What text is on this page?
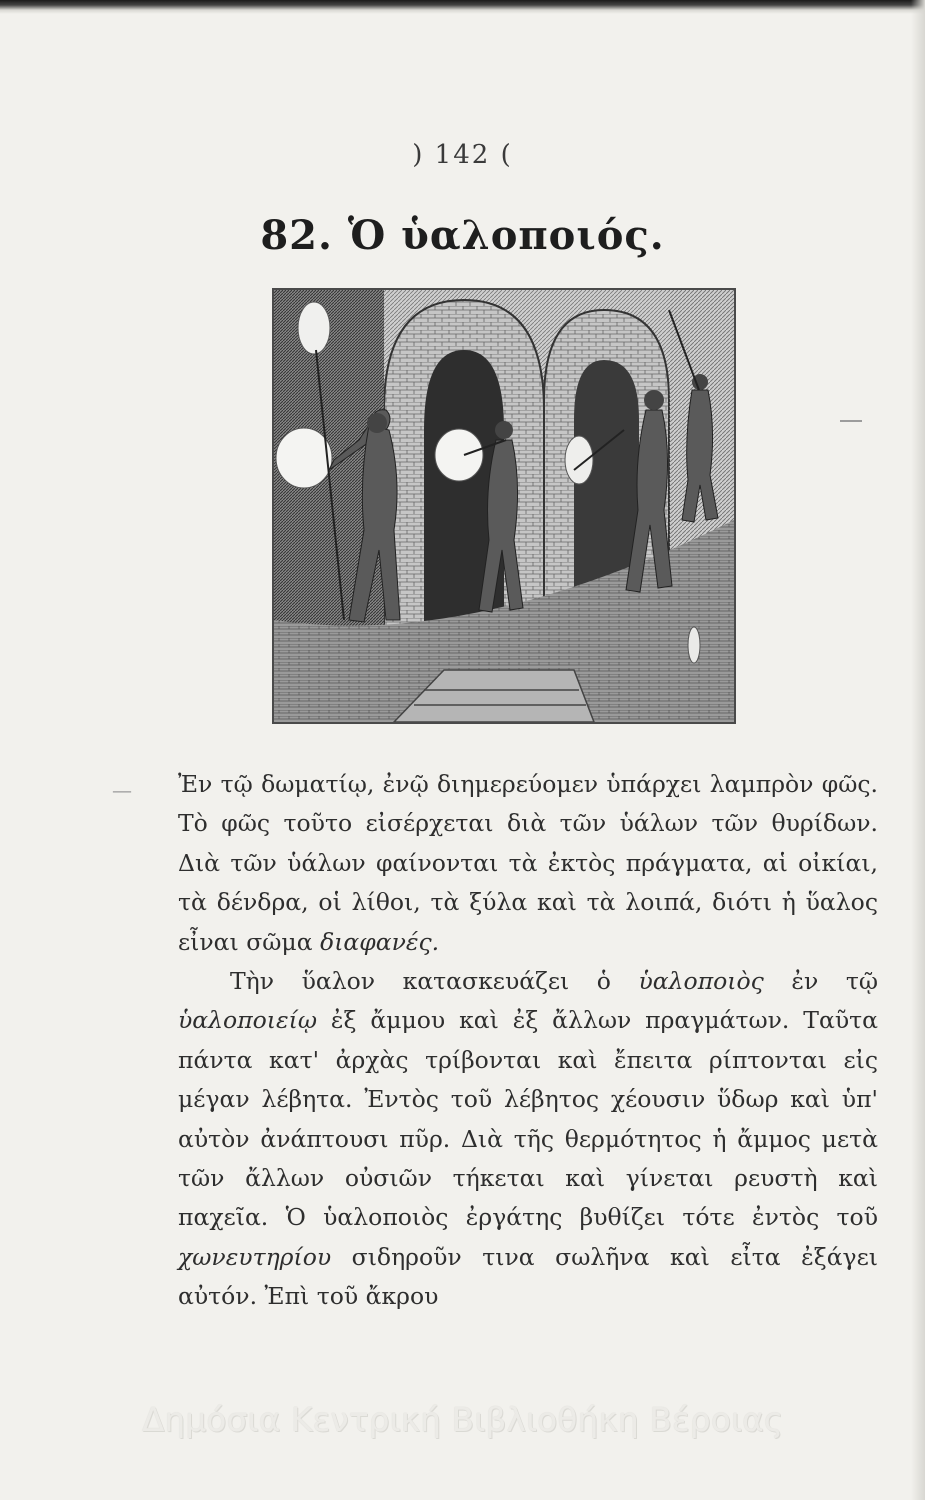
) 142 (
82. Ὁ ὑαλοποιός.
— Ἐν τῷ δωματίῳ, ἐνῷ διημερεύομεν ὑπάρχει λαμπρὸν φῶς. Τὸ φῶς τοῦτο εἰσέρχεται διὰ τῶν ὑάλων τῶν θυρίδων. Διὰ τῶν ὑάλων φαίνονται τὰ ἐκτὸς πράγματα, αἱ οἰκίαι, τὰ δένδρα, οἱ λίθοι, τὰ ξύλα καὶ τὰ λοιπά, διότι ἡ ὕαλος εἶναι σῶμα διαφανές.

Τὴν ὕαλον κατασκευάζει ὁ ὑαλοποιὸς ἐν τῷ ὑαλοποιείῳ ἐξ ἄμμου καὶ ἐξ ἄλλων πραγμάτων. Ταῦτα πάντα κατ' ἀρχὰς τρίβονται καὶ ἔπειτα ρίπτονται εἰς μέγαν λέβητα. Ἐντὸς τοῦ λέβητος χέουσιν ὕδωρ καὶ ὑπ' αὐτὸν ἀνάπτουσι πῦρ. Διὰ τῆς θερμότητος ἡ ἄμμος μετὰ τῶν ἄλλων οὐσιῶν τήκεται καὶ γίνεται ρευστὴ καὶ παχεῖα. Ὁ ὑαλοποιὸς ἐργάτης βυθίζει τότε ἐντὸς τοῦ χωνευτηρίου σιδηροῦν τινα σωλῆνα καὶ εἶτα ἐξάγει αὐτόν. Ἐπὶ τοῦ ἄκρου

Δημόσια Κεντρική Βιβλιοθήκη Βέροιας
